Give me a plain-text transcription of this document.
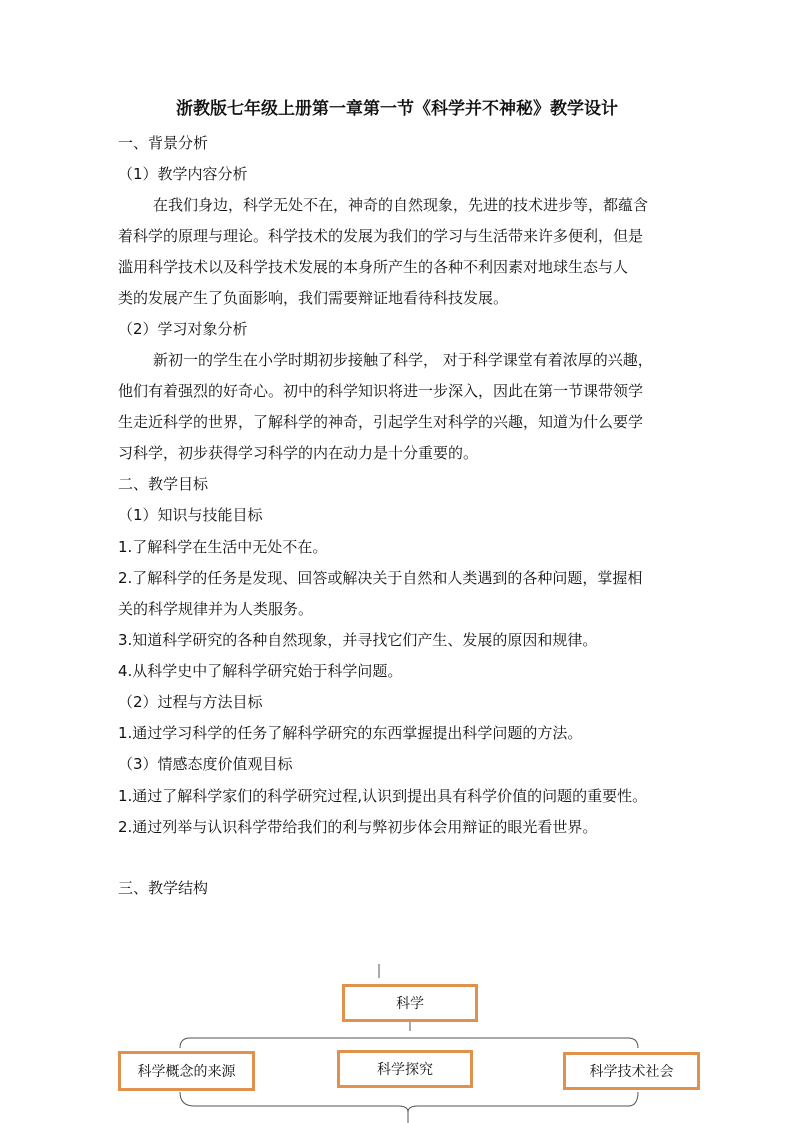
浙教版七年级上册第一章第一节《科学并不神秘》教学设计
一、背景分析
（1）教学内容分析
在我们身边，科学无处不在，神奇的自然现象，先进的技术进步等，都蕴含
着科学的原理与理论。科学技术的发展为我们的学习与生活带来许多便利，但是
滥用科学技术以及科学技术发展的本身所产生的各种不利因素对地球生态与人
类的发展产生了负面影响，我们需要辩证地看待科技发展。
（2）学习对象分析
新初一的学生在小学时期初步接触了科学， 对于科学课堂有着浓厚的兴趣，
他们有着强烈的好奇心。初中的科学知识将进一步深入，因此在第一节课带领学
生走近科学的世界，了解科学的神奇，引起学生对科学的兴趣，知道为什么要学
习科学，初步获得学习科学的内在动力是十分重要的。
二、教学目标
（1）知识与技能目标
1.了解科学在生活中无处不在。
2.了解科学的任务是发现、回答或解决关于自然和人类遇到的各种问题，掌握相
关的科学规律并为人类服务。
3.知道科学研究的各种自然现象，并寻找它们产生、发展的原因和规律。
4.从科学史中了解科学研究始于科学问题。
（2）过程与方法目标
1.通过学习科学的任务了解科学研究的东西掌握提出科学问题的方法。
（3）情感态度价值观目标
1.通过了解科学家们的科学研究过程,认识到提出具有科学价值的问题的重要性。
2.通过列举与认识科学带给我们的利与弊初步体会用辩证的眼光看世界。
三、教学结构
科学
科学概念的来源	科学探究	科学技术社会
